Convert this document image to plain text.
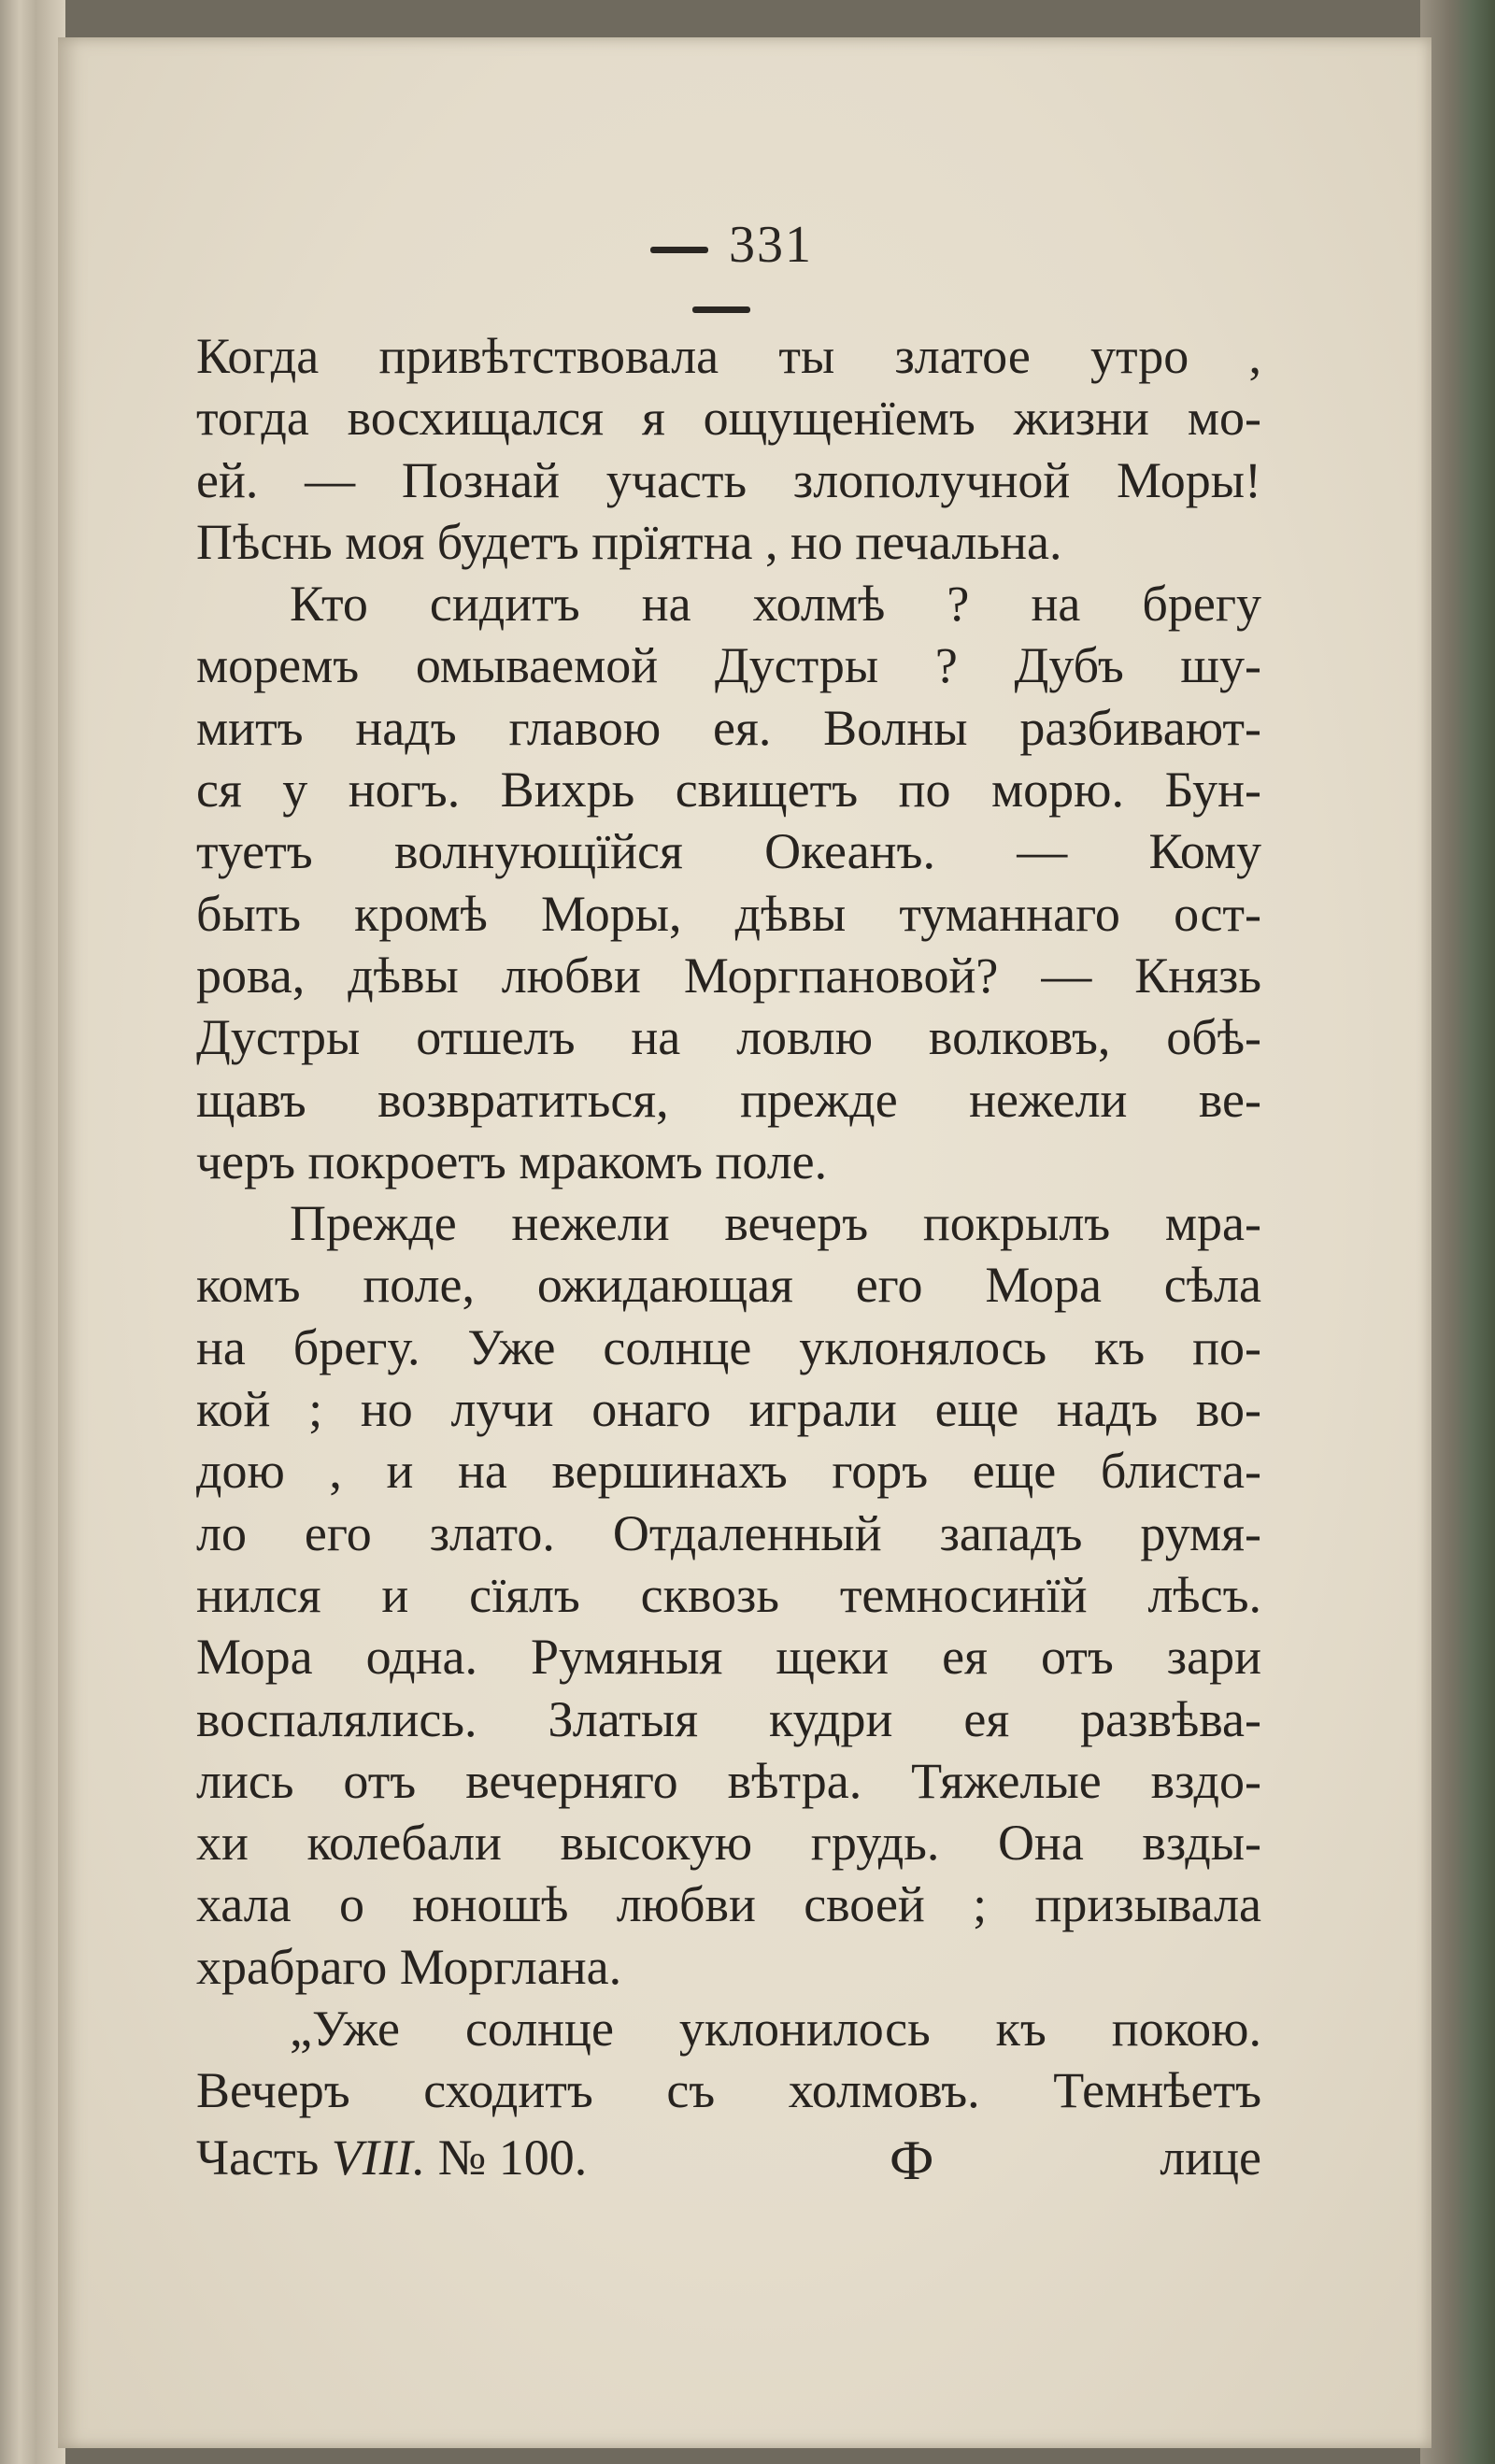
331
Когда привѣтствовала ты златое утро ,
тогда восхищался я ощущенїемъ жизни мо-
ей. — Познай участь злополучной Моры!
Пѣснь моя будетъ прїятна , но печальна.
Кто сидитъ на холмѣ ? на брегу
моремъ омываемой Дустры ? Дубъ шу-
митъ надъ главою ея. Волны разбивают-
ся у ногъ. Вихрь свищетъ по морю. Бун-
туетъ волнующїйся Океанъ. — Кому
быть кромѣ Моры, дѣвы туманнаго ост-
рова, дѣвы любви Моргпановой? — Князь
Дустры отшелъ на ловлю волковъ, обѣ-
щавъ возвратиться, прежде нежели ве-
черъ покроетъ мракомъ поле.
Прежде нежели вечеръ покрылъ мра-
комъ поле, ожидающая его Мора сѣла
на брегу. Уже солнце уклонялось къ по-
кой ; но лучи онаго играли еще надъ во-
дою , и на вершинахъ горъ еще блиста-
ло его злато. Отдаленный западъ румя-
нился и сїялъ сквозь темносинїй лѣсъ.
Мора одна. Румяныя щеки ея отъ зари
воспалялись. Златыя кудри ея развѣва-
лись отъ вечерняго вѣтра. Тяжелые вздо-
хи колебали высокую грудь. Она взды-
хала о юношѣ любви своей ; призывала
храбраго Морглана.
„Уже солнце уклонилось къ покою.
Вечеръ сходитъ съ холмовъ. Темнѣетъ
Часть VIII. № 100.	Ф	лице
